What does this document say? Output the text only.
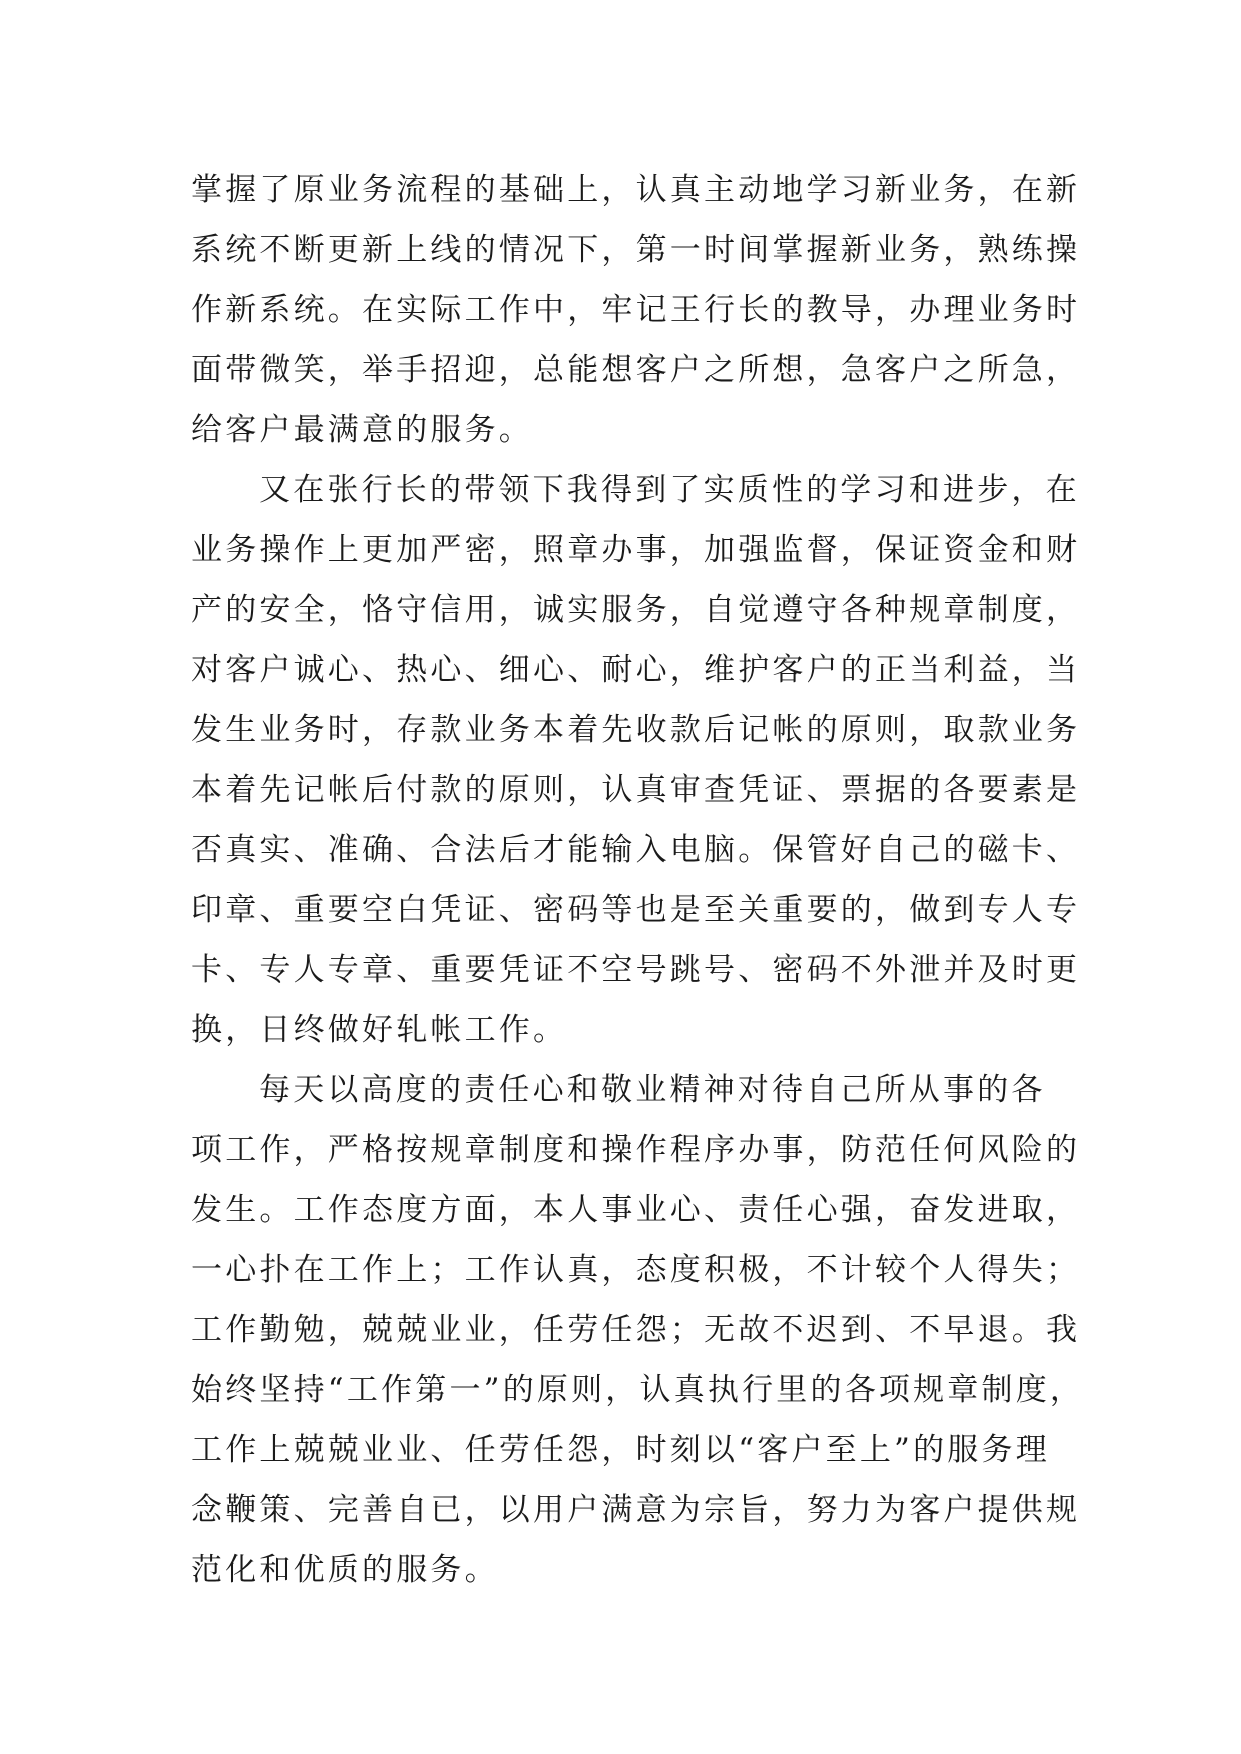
掌握了原业务流程的基础上，认真主动地学习新业务，在新
系统不断更新上线的情况下，第一时间掌握新业务，熟练操
作新系统。在实际工作中，牢记王行长的教导，办理业务时
面带微笑，举手招迎，总能想客户之所想，急客户之所急，
给客户最满意的服务。
又在张行长的带领下我得到了实质性的学习和进步，在
业务操作上更加严密，照章办事，加强监督，保证资金和财
产的安全，恪守信用，诚实服务，自觉遵守各种规章制度，
对客户诚心、热心、细心、耐心，维护客户的正当利益，当
发生业务时，存款业务本着先收款后记帐的原则，取款业务
本着先记帐后付款的原则，认真审查凭证、票据的各要素是
否真实、准确、合法后才能输入电脑。保管好自己的磁卡、
印章、重要空白凭证、密码等也是至关重要的，做到专人专
卡、专人专章、重要凭证不空号跳号、密码不外泄并及时更
换，日终做好轧帐工作。
每天以高度的责任心和敬业精神对待自己所从事的各
项工作，严格按规章制度和操作程序办事，防范任何风险的
发生。工作态度方面，本人事业心、责任心强，奋发进取，
一心扑在工作上；工作认真，态度积极，不计较个人得失；
工作勤勉，兢兢业业，任劳任怨；无故不迟到、不早退。我
始终坚持“工作第一”的原则，认真执行里的各项规章制度，
工作上兢兢业业、任劳任怨，时刻以“客户至上”的服务理
念鞭策、完善自已，以用户满意为宗旨，努力为客户提供规
范化和优质的服务。
